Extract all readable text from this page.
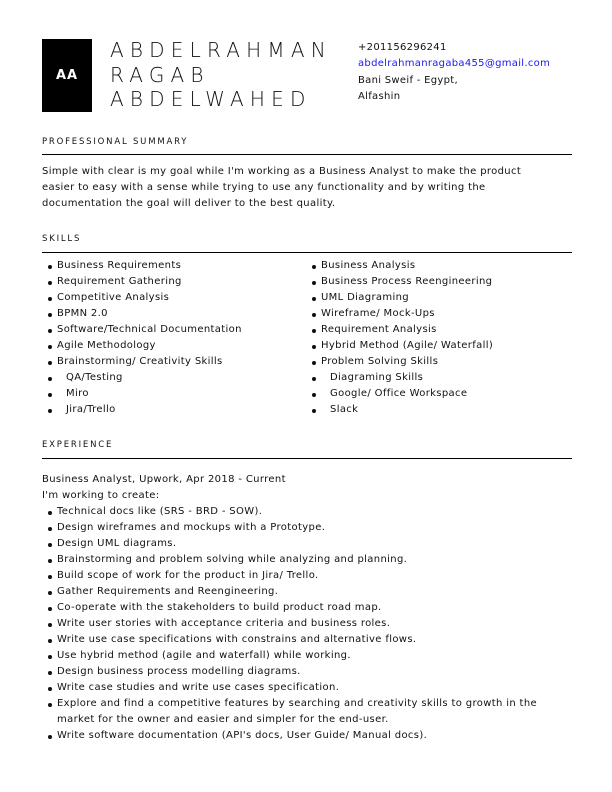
AA
ABDELRAHMAN
RAGAB
ABDELWAHED
+201156296241
abdelrahmanragaba455@gmail.com
Bani Sweif - Egypt,
Alfashin
PROFESSIONAL SUMMARY
Simple with clear is my goal while I'm working as a Business Analyst to make the product
easier to easy with a sense while trying to use any functionality and by writing the
documentation the goal will deliver to the best quality.
SKILLS
Business Requirements
Requirement Gathering
Competitive Analysis
BPMN 2.0
Software/Technical Documentation
Agile Methodology
Brainstorming/ Creativity Skills
QA/Testing
Miro
Jira/Trello
Business Analysis
Business Process Reengineering
UML Diagraming
Wireframe/ Mock-Ups
Requirement Analysis
Hybrid Method (Agile/ Waterfall)
Problem Solving Skills
Diagraming Skills
Google/ Office Workspace
Slack
EXPERIENCE
Business Analyst, Upwork, Apr 2018 - Current
I'm working to create:
Technical docs like (SRS - BRD - SOW).
Design wireframes and mockups with a Prototype.
Design UML diagrams.
Brainstorming and problem solving while analyzing and planning.
Build scope of work for the product in Jira/ Trello.
Gather Requirements and Reengineering.
Co-operate with the stakeholders to build product road map.
Write user stories with acceptance criteria and business roles.
Write use case specifications with constrains and alternative flows.
Use hybrid method (agile and waterfall) while working.
Design business process modelling diagrams.
Write case studies and write use cases specification.
Explore and find a competitive features by searching and creativity skills to growth in the market for the owner and easier and simpler for the end-user.
Write software documentation (API's docs, User Guide/ Manual docs).
